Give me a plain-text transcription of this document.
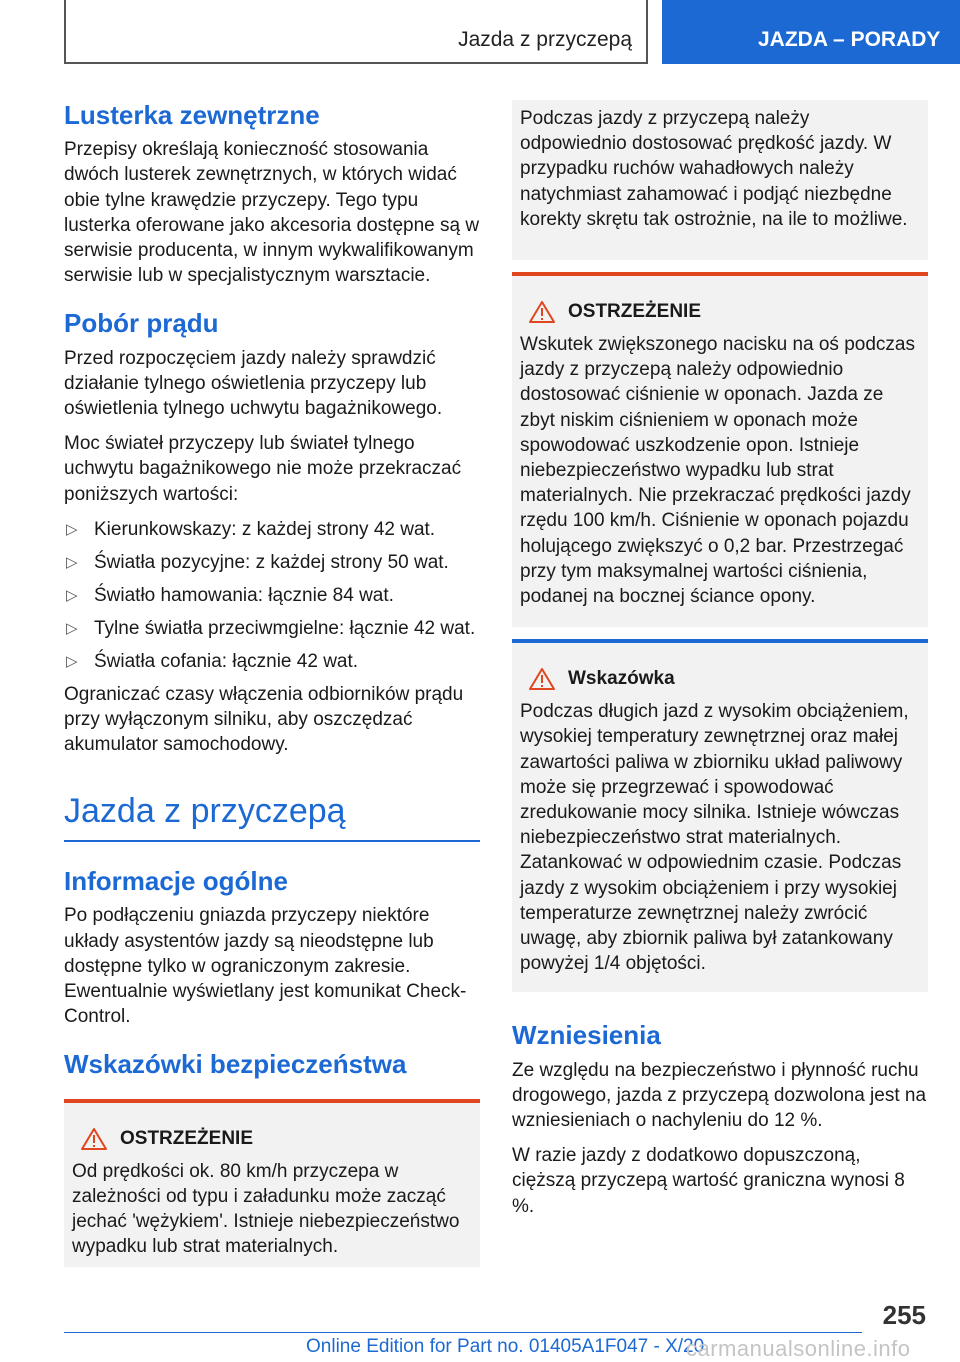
Jazda z przyczepą	JAZDA – PORADY
Lusterka zewnętrzne

Przepisy określają konieczność stosowania dwóch lusterek zewnętrznych, w których widać obie tylne krawędzie przyczepy. Tego typu lusterka oferowane jako akcesoria dostępne są w serwisie producenta, w innym wykwalifikowanym serwisie lub w specjalistycznym warsztacie.

Pobór prądu

Przed rozpoczęciem jazdy należy sprawdzić działanie tylnego oświetlenia przyczepy lub oświetlenia tylnego uchwytu bagażnikowego.

Moc świateł przyczepy lub świateł tylnego uchwytu bagażnikowego nie może przekraczać poniższych wartości:

▷ Kierunkowskazy: z każdej strony 42 wat.
▷ Światła pozycyjne: z każdej strony 50 wat.
▷ Światło hamowania: łącznie 84 wat.
▷ Tylne światła przeciwmgielne: łącznie 42 wat.
▷ Światła cofania: łącznie 42 wat.

Ograniczać czasy włączenia odbiorników prądu przy wyłączonym silniku, aby oszczędzać akumulator samochodowy.

Jazda z przyczepą
Informacje ogólne

Po podłączeniu gniazda przyczepy niektóre układy asystentów jazdy są nieodstępne lub dostępne tylko w ograniczonym zakresie. Ewentualnie wyświetlany jest komunikat Check-Control.

Wskazówki bezpieczeństwa
OSTRZEŻENIE

Od prędkości ok. 80 km/h przyczepa w zależności od typu i załadunku może zacząć jechać 'wężykiem'. Istnieje niebezpieczeństwo wypadku lub strat materialnych.

Podczas jazdy z przyczepą należy odpowiednio dostosować prędkość jazdy. W przypadku ruchów wahadłowych należy natychmiast zahamować i podjąć niezbędne korekty skrętu tak ostrożnie, na ile to możliwe.

OSTRZEŻENIE

Wskutek zwiększonego nacisku na oś podczas jazdy z przyczepą należy odpowiednio dostosować ciśnienie w oponach. Jazda ze zbyt niskim ciśnieniem w oponach może spowodować uszkodzenie opon. Istnieje niebezpieczeństwo wypadku lub strat materialnych. Nie przekraczać prędkości jazdy rzędu 100 km/h. Ciśnienie w oponach pojazdu holującego zwiększyć o 0,2 bar. Przestrzegać przy tym maksymalnej wartości ciśnienia, podanej na bocznej ściance opony.

Wskazówka

Podczas długich jazd z wysokim obciążeniem, wysokiej temperatury zewnętrznej oraz małej zawartości paliwa w zbiorniku układ paliwowy może się przegrzewać i spowodować zredukowanie mocy silnika. Istnieje wówczas niebezpieczeństwo strat materialnych. Zatankować w odpowiednim czasie. Podczas jazdy z wysokim obciążeniem i przy wysokiej temperaturze zewnętrznej należy zwrócić uwagę, aby zbiornik paliwa był zatankowany powyżej 1/4 objętości.

Wzniesienia

Ze względu na bezpieczeństwo i płynność ruchu drogowego, jazda z przyczepą dozwolona jest na wzniesieniach o nachyleniu do 12 %.

W razie jazdy z dodatkowo dopuszczoną, cięższą przyczepą wartość graniczna wynosi 8 %.

255
Online Edition for Part no. 01405A1F047 - X/20
carmanualsonline.info
